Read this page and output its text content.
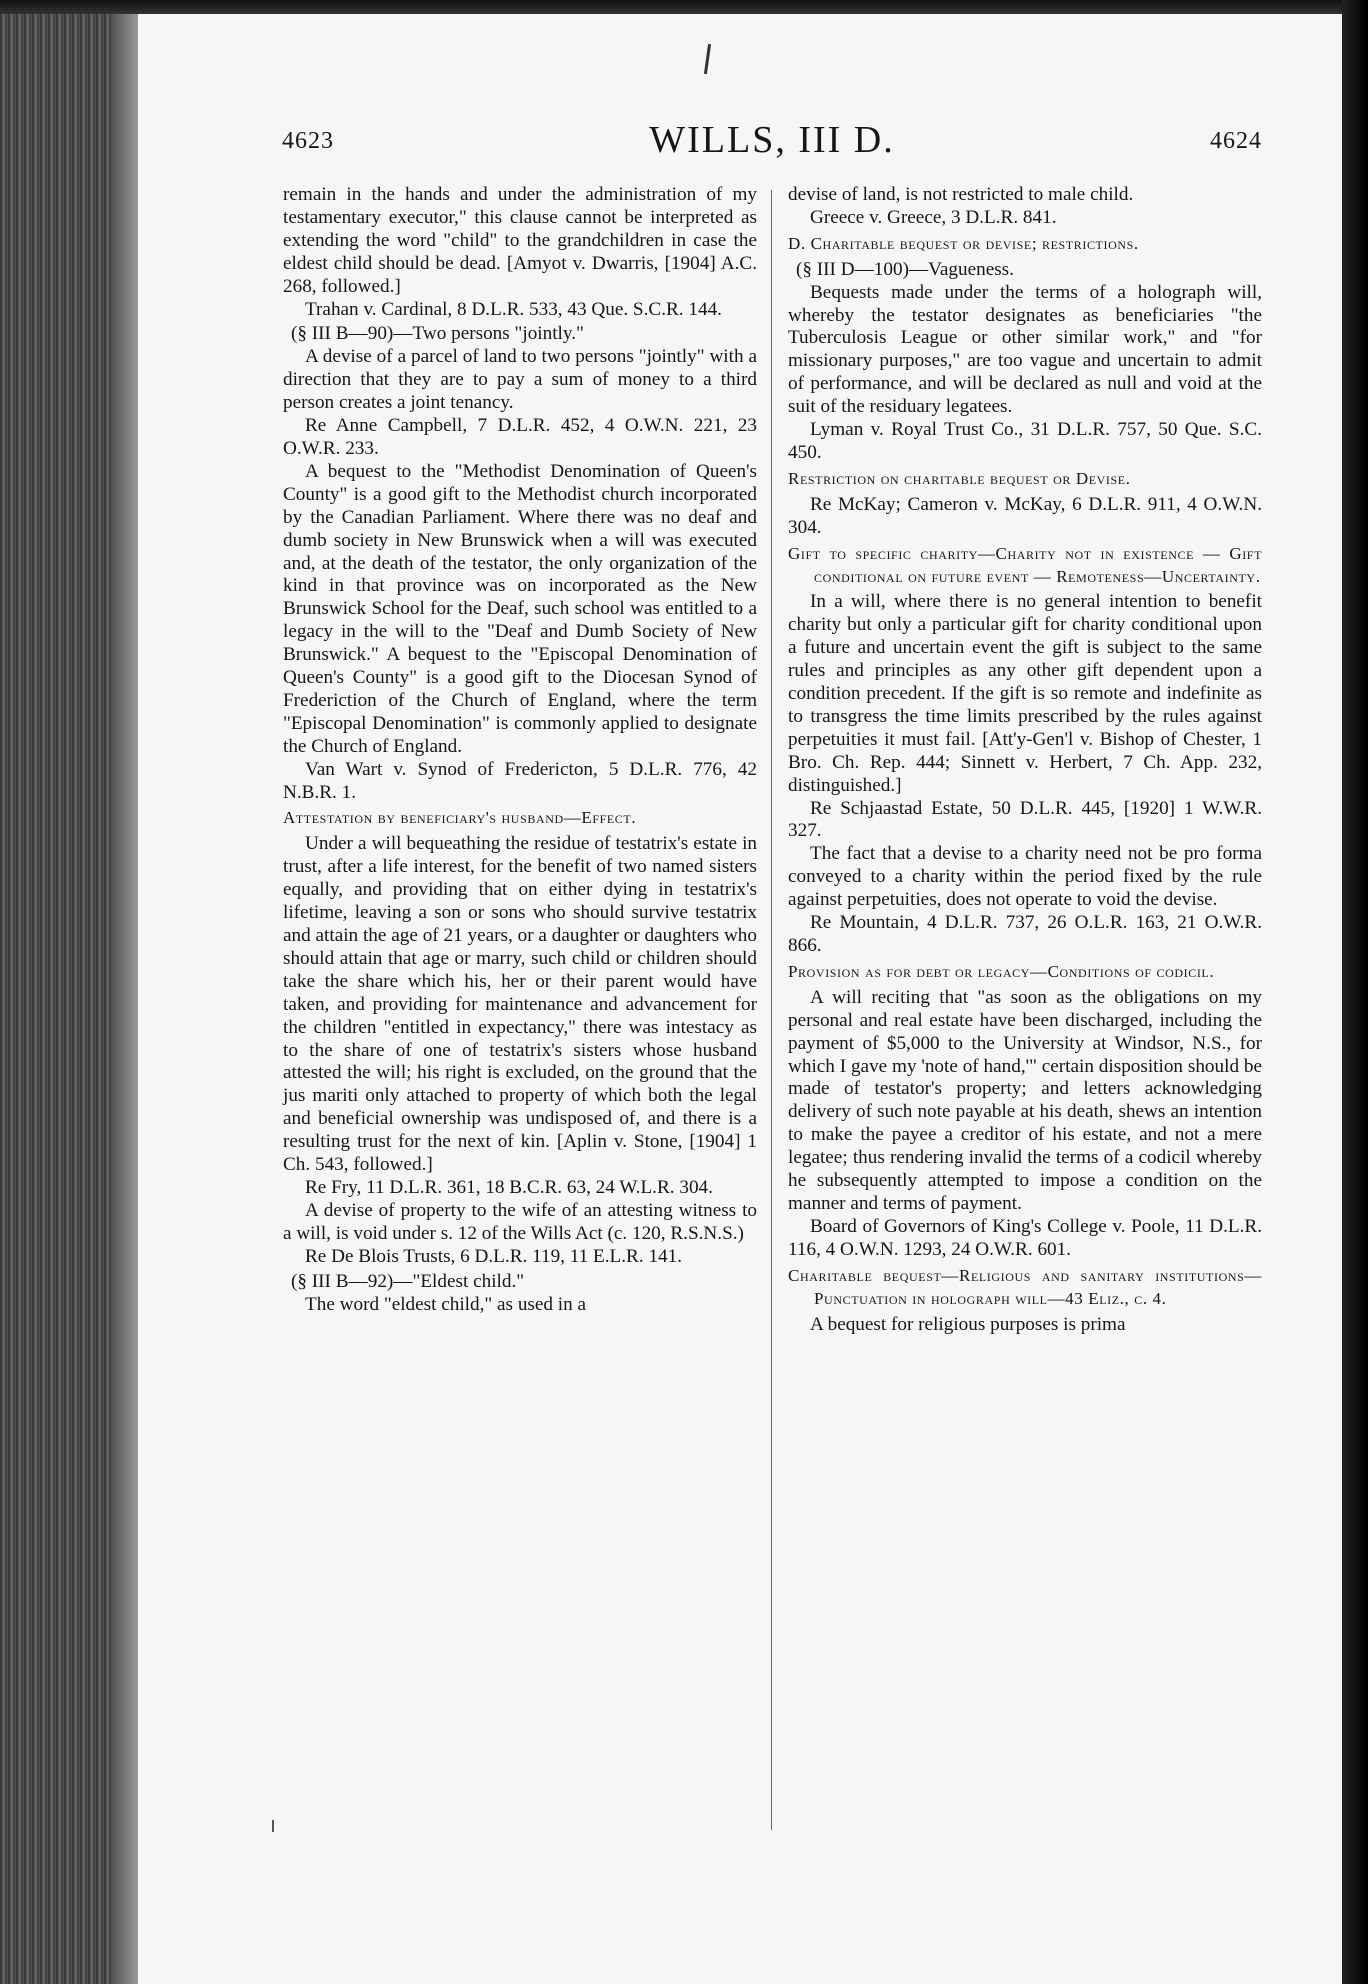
4623	WILLS, III D.	4624

remain in the hands and under the administration of my testamentary executor," this clause cannot be interpreted as extending the word "child" to the grandchildren in case the eldest child should be dead. [Amyot v. Dwarris, [1904] A.C. 268, followed.]

Trahan v. Cardinal, 8 D.L.R. 533, 43 Que. S.C.R. 144.

(§ III B—90)—Two persons "jointly."

A devise of a parcel of land to two persons "jointly" with a direction that they are to pay a sum of money to a third person creates a joint tenancy.

Re Anne Campbell, 7 D.L.R. 452, 4 O.W.N. 221, 23 O.W.R. 233.

A bequest to the "Methodist Denomination of Queen's County" is a good gift to the Methodist church incorporated by the Canadian Parliament. Where there was no deaf and dumb society in New Brunswick when a will was executed and, at the death of the testator, the only organization of the kind in that province was on incorporated as the New Brunswick School for the Deaf, such school was entitled to a legacy in the will to the "Deaf and Dumb Society of New Brunswick." A bequest to the "Episcopal Denomination of Queen's County" is a good gift to the Diocesan Synod of Frederiction of the Church of England, where the term "Episcopal Denomination" is commonly applied to designate the Church of England.

Van Wart v. Synod of Fredericton, 5 D.L.R. 776, 42 N.B.R. 1.

Attestation by beneficiary's husband—Effect.

Under a will bequeathing the residue of testatrix's estate in trust, after a life interest, for the benefit of two named sisters equally, and providing that on either dying in testatrix's lifetime, leaving a son or sons who should survive testatrix and attain the age of 21 years, or a daughter or daughters who should attain that age or marry, such child or children should take the share which his, her or their parent would have taken, and providing for maintenance and advancement for the children "entitled in expectancy," there was intestacy as to the share of one of testatrix's sisters whose husband attested the will; his right is excluded, on the ground that the jus mariti only attached to property of which both the legal and beneficial ownership was undisposed of, and there is a resulting trust for the next of kin. [Aplin v. Stone, [1904] 1 Ch. 543, followed.]

Re Fry, 11 D.L.R. 361, 18 B.C.R. 63, 24 W.L.R. 304.

A devise of property to the wife of an attesting witness to a will, is void under s. 12 of the Wills Act (c. 120, R.S.N.S.)

Re De Blois Trusts, 6 D.L.R. 119, 11 E.L.R. 141.

(§ III B—92)—"Eldest child."

The word "eldest child," as used in a

devise of land, is not restricted to male child.

Greece v. Greece, 3 D.L.R. 841.

D. Charitable bequest or devise; restrictions.

(§ III D—100)—Vagueness.

Bequests made under the terms of a holograph will, whereby the testator designates as beneficiaries "the Tuberculosis League or other similar work," and "for missionary purposes," are too vague and uncertain to admit of performance, and will be declared as null and void at the suit of the residuary legatees.

Lyman v. Royal Trust Co., 31 D.L.R. 757, 50 Que. S.C. 450.

Restriction on charitable bequest or Devise.

Re McKay; Cameron v. McKay, 6 D.L.R. 911, 4 O.W.N. 304.

Gift to specific charity—Charity not in existence — Gift conditional on future event — Remoteness—Uncertainty.

In a will, where there is no general intention to benefit charity but only a particular gift for charity conditional upon a future and uncertain event the gift is subject to the same rules and principles as any other gift dependent upon a condition precedent. If the gift is so remote and indefinite as to transgress the time limits prescribed by the rules against perpetuities it must fail. [Att'y-Gen'l v. Bishop of Chester, 1 Bro. Ch. Rep. 444; Sinnett v. Herbert, 7 Ch. App. 232, distinguished.]

Re Schjaastad Estate, 50 D.L.R. 445, [1920] 1 W.W.R. 327.

The fact that a devise to a charity need not be pro forma conveyed to a charity within the period fixed by the rule against perpetuities, does not operate to void the devise.

Re Mountain, 4 D.L.R. 737, 26 O.L.R. 163, 21 O.W.R. 866.

Provision as for debt or legacy—Conditions of codicil.

A will reciting that "as soon as the obligations on my personal and real estate have been discharged, including the payment of $5,000 to the University at Windsor, N.S., for which I gave my 'note of hand,'" certain disposition should be made of testator's property; and letters acknowledging delivery of such note payable at his death, shews an intention to make the payee a creditor of his estate, and not a mere legatee; thus rendering invalid the terms of a codicil whereby he subsequently attempted to impose a condition on the manner and terms of payment.

Board of Governors of King's College v. Poole, 11 D.L.R. 116, 4 O.W.N. 1293, 24 O.W.R. 601.

Charitable bequest—Religious and sanitary institutions—Punctuation in holograph will—43 Eliz., c. 4.

A bequest for religious purposes is prima
